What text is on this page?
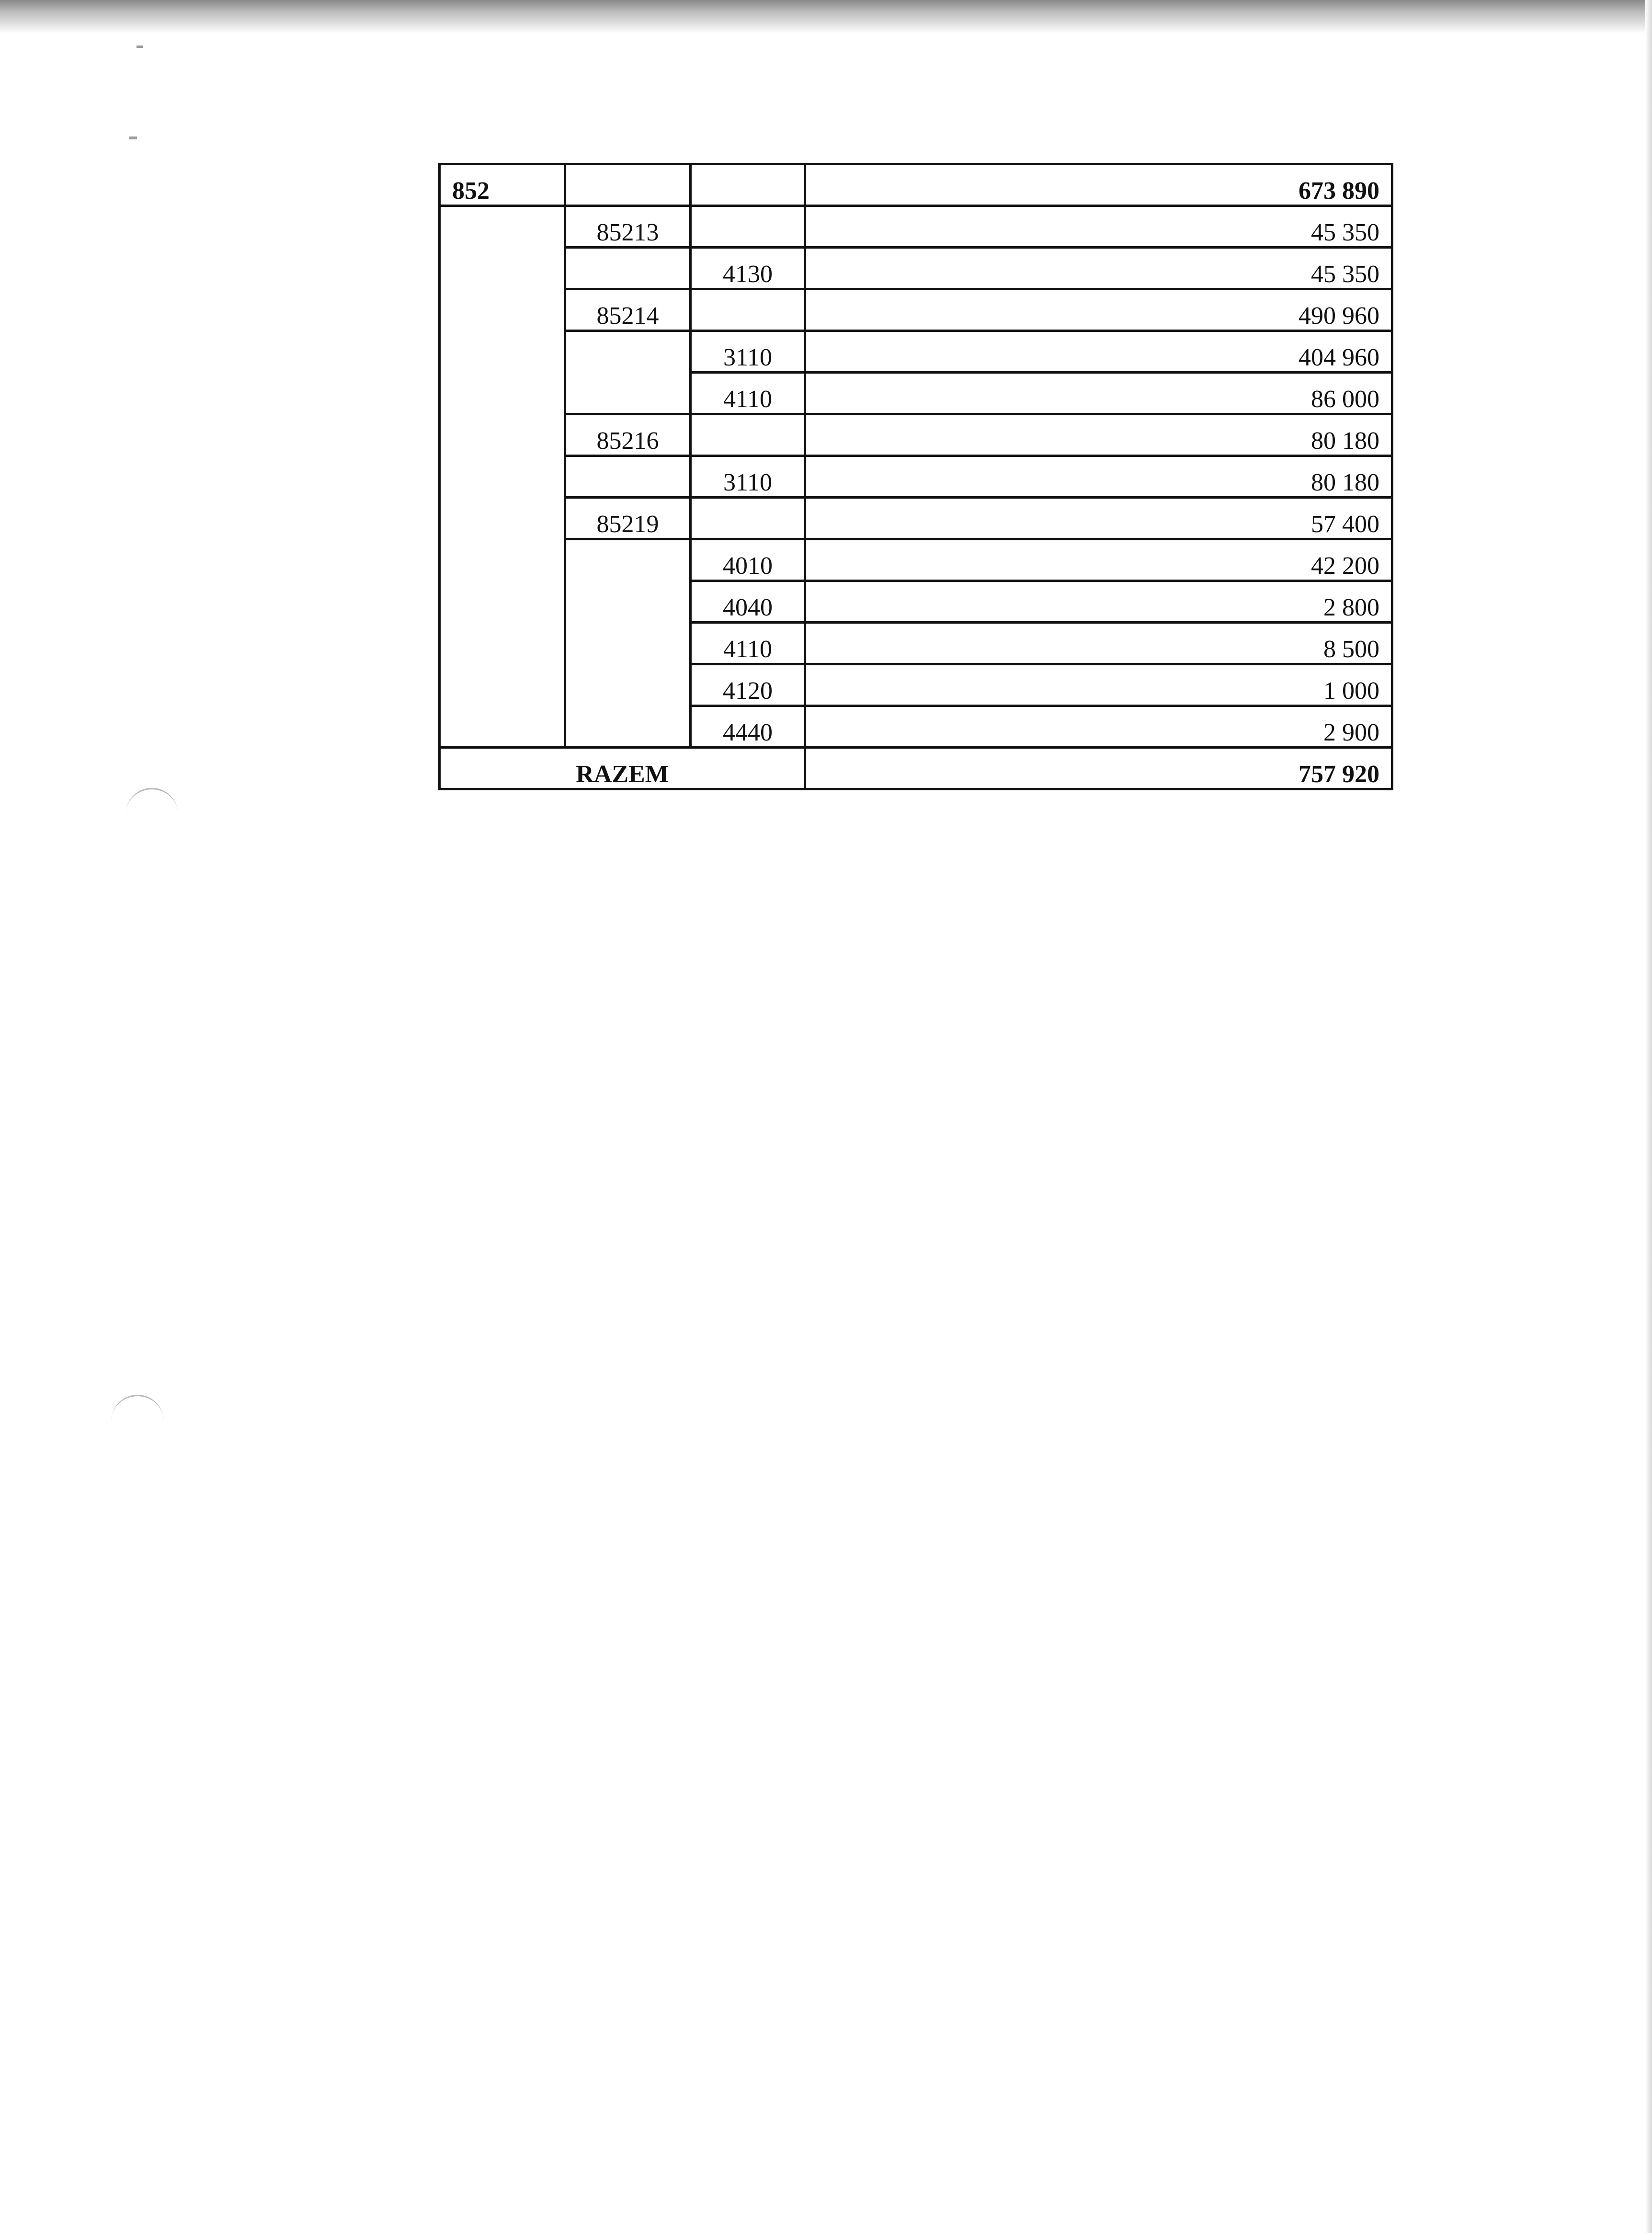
852			673 890
	85213		45 350
		4130	45 350
	85214		490 960
		3110	404 960
		4110	86 000
	85216		80 180
		3110	80 180
	85219		57 400
		4010	42 200
		4040	2 800
		4110	8 500
		4120	1 000
		4440	2 900
RAZEM			757 920
